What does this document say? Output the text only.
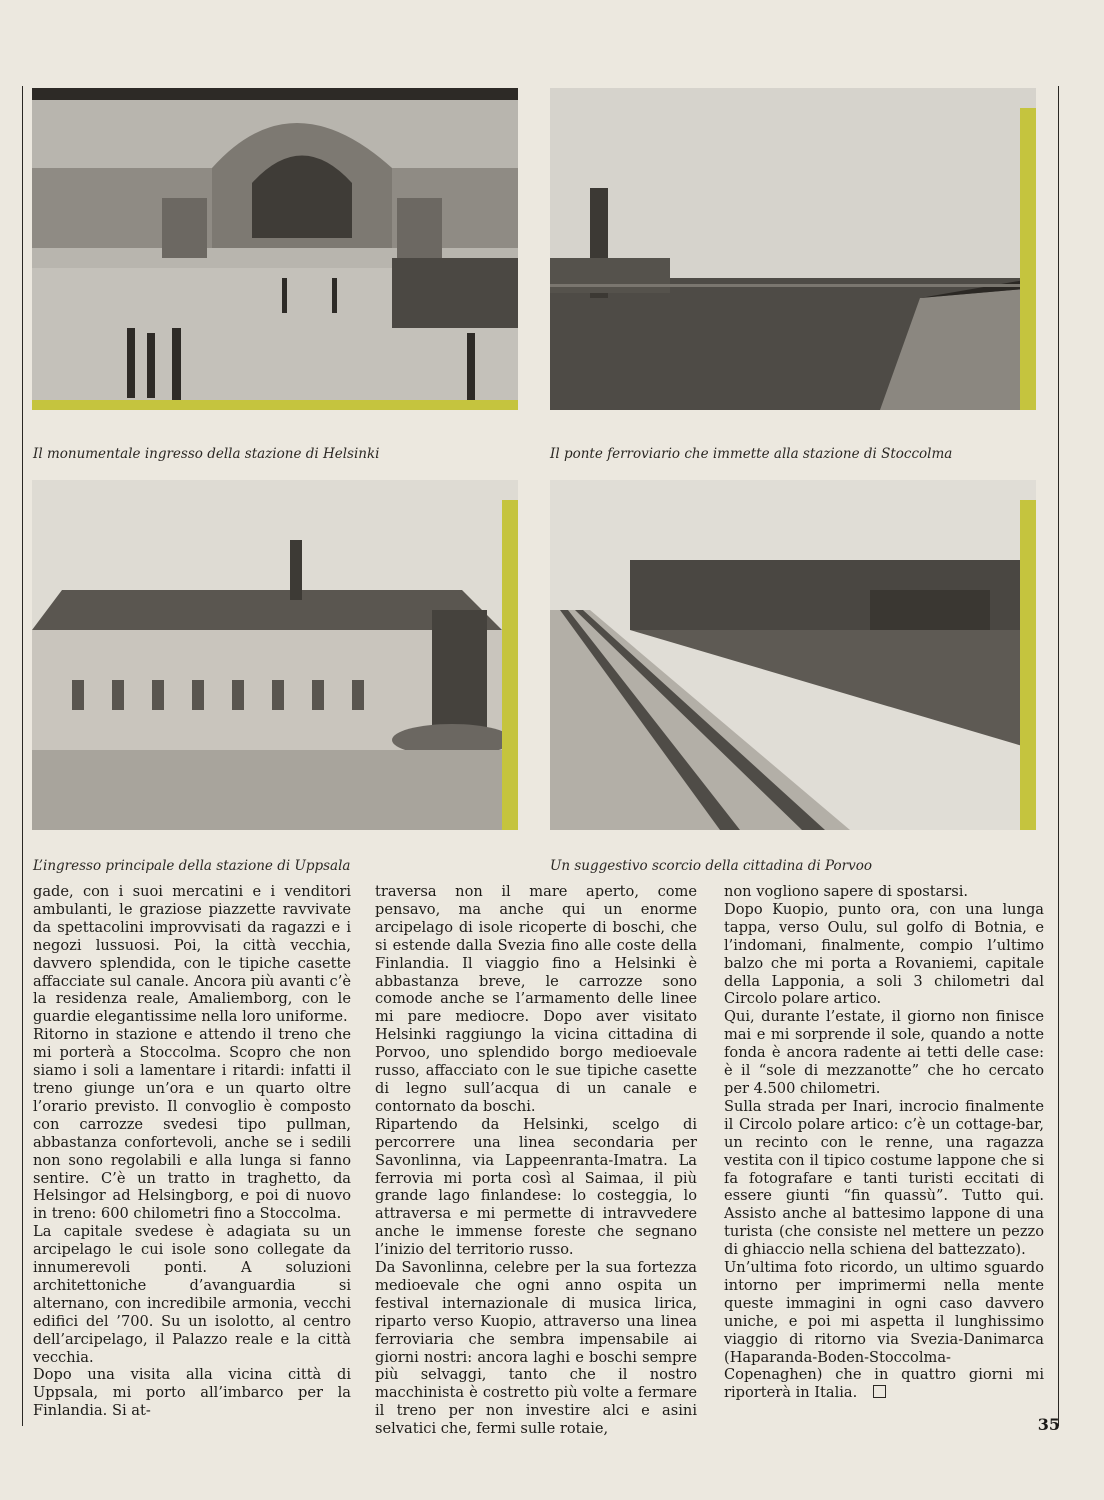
Il monumentale ingresso della stazione di Helsinki	Il ponte ferroviario che immette alla stazione di Stoccolma
L’ingresso principale della stazione di Uppsala	Un suggestivo scorcio della cittadina di Porvoo

gade, con i suoi mercatini e i venditori ambulanti, le graziose piazzette ravvivate da spettacolini improvvisati da ragazzi e i negozi lussuosi. Poi, la città vecchia, davvero splendida, con le tipiche casette affacciate sul canale. Ancora più avanti c’è la residenza reale, Amaliemborg, con le guardie elegantissime nella loro uniforme.

Ritorno in stazione e attendo il treno che mi porterà a Stoccolma. Scopro che non siamo i soli a lamentare i ritardi: infatti il treno giunge un’ora e un quarto oltre l’orario previsto. Il convoglio è composto con carrozze svedesi tipo pullman, abbastanza confortevoli, anche se i sedili non sono regolabili e alla lunga si fanno sentire. C’è un tratto in traghetto, da Helsingor ad Helsingborg, e poi di nuovo in treno: 600 chilometri fino a Stoccolma.

La capitale svedese è adagiata su un arcipelago le cui isole sono collegate da innumerevoli ponti. A soluzioni architettoniche d’avanguardia si alternano, con incredibile armonia, vecchi edifici del ’700. Su un isolotto, al centro dell’arcipelago, il Palazzo reale e la città vecchia.

Dopo una visita alla vicina città di Uppsala, mi porto all’imbarco per la Finlandia. Si at-

traversa non il mare aperto, come pensavo, ma anche qui un enorme arcipelago di isole ricoperte di boschi, che si estende dalla Svezia fino alle coste della Finlandia. Il viaggio fino a Helsinki è abbastanza breve, le carrozze sono comode anche se l’armamento delle linee mi pare mediocre. Dopo aver visitato Helsinki raggiungo la vicina cittadina di Porvoo, uno splendido borgo medioevale russo, affacciato con le sue tipiche casette di legno sull’acqua di un canale e contornato da boschi.

Ripartendo da Helsinki, scelgo di percorrere una linea secondaria per Savonlinna, via Lappeenranta-Imatra. La ferrovia mi porta così al Saimaa, il più grande lago finlandese: lo costeggia, lo attraversa e mi permette di intravvedere anche le immense foreste che segnano l’inizio del territorio russo.

Da Savonlinna, celebre per la sua fortezza medioevale che ogni anno ospita un festival internazionale di musica lirica, riparto verso Kuopio, attraverso una linea ferroviaria che sembra impensabile ai giorni nostri: ancora laghi e boschi sempre più selvaggi, tanto che il nostro macchinista è costretto più volte a fermare il treno per non investire alci e asini selvatici che, fermi sulle rotaie,

non vogliono sapere di spostarsi.

Dopo Kuopio, punto ora, con una lunga tappa, verso Oulu, sul golfo di Botnia, e l’indomani, finalmente, compio l’ultimo balzo che mi porta a Rovaniemi, capitale della Lapponia, a soli 3 chilometri dal Circolo polare artico.

Qui, durante l’estate, il giorno non finisce mai e mi sorprende il sole, quando a notte fonda è ancora radente ai tetti delle case: è il “sole di mezzanotte” che ho cercato per 4.500 chilometri.

Sulla strada per Inari, incrocio finalmente il Circolo polare artico: c’è un cottage-bar, un recinto con le renne, una ragazza vestita con il tipico costume lappone che si fa fotografare e tanti turisti eccitati di essere giunti “fin quassù”. Tutto qui. Assisto anche al battesimo lappone di una turista (che consiste nel mettere un pezzo di ghiaccio nella schiena del battezzato).

Un’ultima foto ricordo, un ultimo sguardo intorno per imprimermi nella mente queste immagini in ogni caso davvero uniche, e poi mi aspetta il lunghissimo viaggio di ritorno via Svezia-Danimarca (Haparanda-Boden-Stoccolma-Copenaghen) che in quattro giorni mi riporterà in Italia.

35
